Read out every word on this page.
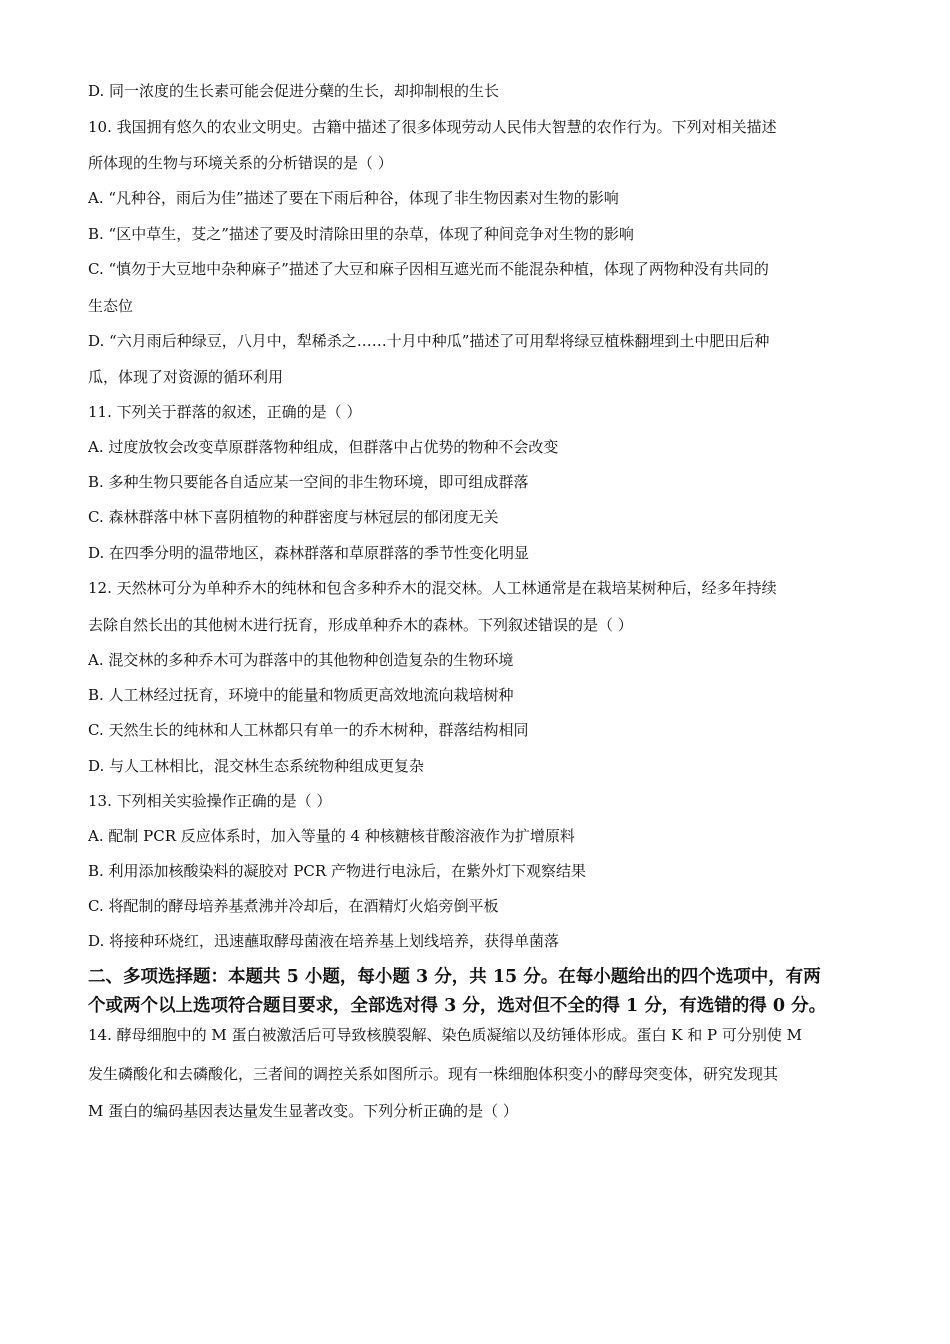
D. 同一浓度的生长素可能会促进分蘖的生长，却抑制根的生长
10. 我国拥有悠久的农业文明史。古籍中描述了很多体现劳动人民伟大智慧的农作行为。下列对相关描述
所体现的生物与环境关系的分析错误的是（ ）
A. “凡种谷，雨后为佳”描述了要在下雨后种谷，体现了非生物因素对生物的影响
B. “区中草生，芟之”描述了要及时清除田里的杂草，体现了种间竞争对生物的影响
C. “慎勿于大豆地中杂种麻子”描述了大豆和麻子因相互遮光而不能混杂种植，体现了两物种没有共同的
生态位
D. “六月雨后种绿豆，八月中，犁稀杀之……十月中种瓜”描述了可用犁将绿豆植株翻埋到土中肥田后种
瓜，体现了对资源的循环利用
11. 下列关于群落的叙述，正确的是（ ）
A. 过度放牧会改变草原群落物种组成，但群落中占优势的物种不会改变
B. 多种生物只要能各自适应某一空间的非生物环境，即可组成群落
C. 森林群落中林下喜阴植物的种群密度与林冠层的郁闭度无关
D. 在四季分明的温带地区，森林群落和草原群落的季节性变化明显
12. 天然林可分为单种乔木的纯林和包含多种乔木的混交林。人工林通常是在栽培某树种后，经多年持续
去除自然长出的其他树木进行抚育，形成单种乔木的森林。下列叙述错误的是（ ）
A. 混交林的多种乔木可为群落中的其他物种创造复杂的生物环境
B. 人工林经过抚育，环境中的能量和物质更高效地流向栽培树种
C. 天然生长的纯林和人工林都只有单一的乔木树种，群落结构相同
D. 与人工林相比，混交林生态系统物种组成更复杂
13. 下列相关实验操作正确的是（ ）
A. 配制 PCR 反应体系时，加入等量的 4 种核糖核苷酸溶液作为扩增原料
B. 利用添加核酸染料的凝胶对 PCR 产物进行电泳后，在紫外灯下观察结果
C. 将配制的酵母培养基煮沸并冷却后，在酒精灯火焰旁倒平板
D. 将接种环烧红，迅速蘸取酵母菌液在培养基上划线培养，获得单菌落
二、多项选择题：本题共 5 小题，每小题 3 分，共 15 分。在每小题给出的四个选项中，有两
个或两个以上选项符合题目要求，全部选对得 3 分，选对但不全的得 1 分，有选错的得 0 分。
14. 酵母细胞中的 M 蛋白被激活后可导致核膜裂解、染色质凝缩以及纺锤体形成。蛋白 K 和 P 可分别使 M
发生磷酸化和去磷酸化，三者间的调控关系如图所示。现有一株细胞体积变小的酵母突变体，研究发现其
M 蛋白的编码基因表达量发生显著改变。下列分析正确的是（ ）
